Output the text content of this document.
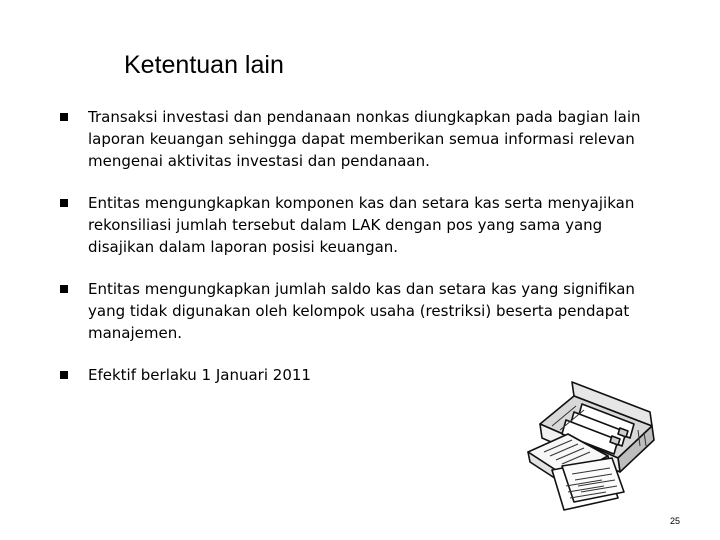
Ketentuan lain
Transaksi investasi dan pendanaan nonkas diungkapkan pada bagian lain laporan keuangan sehingga dapat memberikan semua informasi relevan mengenai aktivitas investasi dan pendanaan.
Entitas mengungkapkan komponen kas dan setara kas serta menyajikan rekonsiliasi jumlah tersebut dalam LAK dengan pos yang sama yang disajikan dalam laporan posisi keuangan.
Entitas mengungkapkan jumlah saldo kas dan setara kas yang signifikan yang tidak digunakan oleh kelompok usaha (restriksi) beserta pendapat manajemen.
Efektif berlaku 1 Januari 2011
25
